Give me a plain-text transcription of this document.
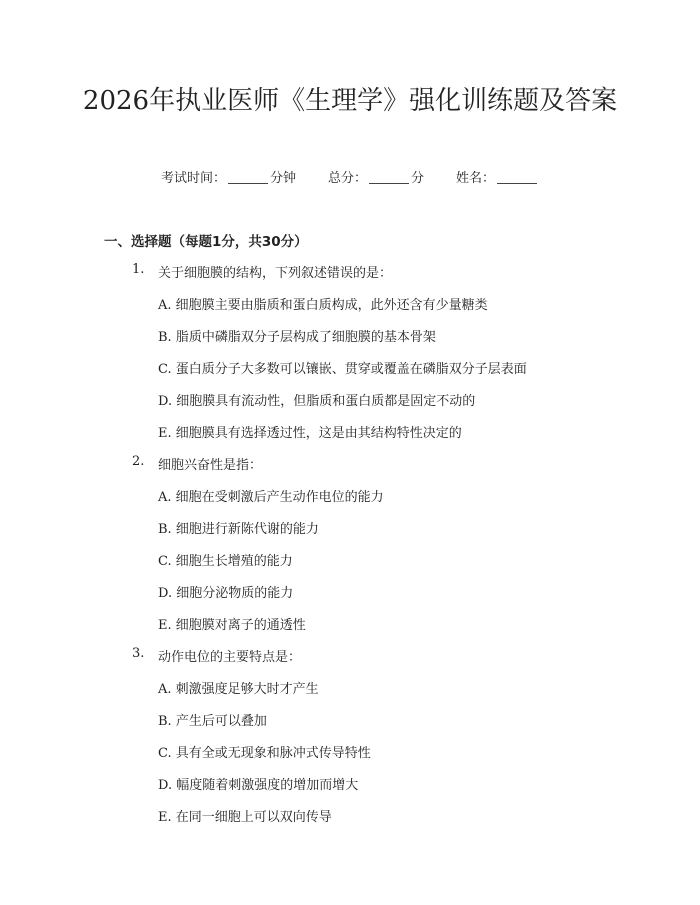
2026年执业医师《生理学》强化训练题及答案
考试时间：	分钟 总分：	分 姓名：
一、选择题（每题1分，共30分）
1. 关于细胞膜的结构，下列叙述错误的是：
A. 细胞膜主要由脂质和蛋白质构成，此外还含有少量糖类
B. 脂质中磷脂双分子层构成了细胞膜的基本骨架
C. 蛋白质分子大多数可以镶嵌、贯穿或覆盖在磷脂双分子层表面
D. 细胞膜具有流动性，但脂质和蛋白质都是固定不动的
E. 细胞膜具有选择透过性，这是由其结构特性决定的
2. 细胞兴奋性是指：
A. 细胞在受刺激后产生动作电位的能力
B. 细胞进行新陈代谢的能力
C. 细胞生长增殖的能力
D. 细胞分泌物质的能力
E. 细胞膜对离子的通透性
3. 动作电位的主要特点是：
A. 刺激强度足够大时才产生
B. 产生后可以叠加
C. 具有全或无现象和脉冲式传导特性
D. 幅度随着刺激强度的增加而增大
E. 在同一细胞上可以双向传导
